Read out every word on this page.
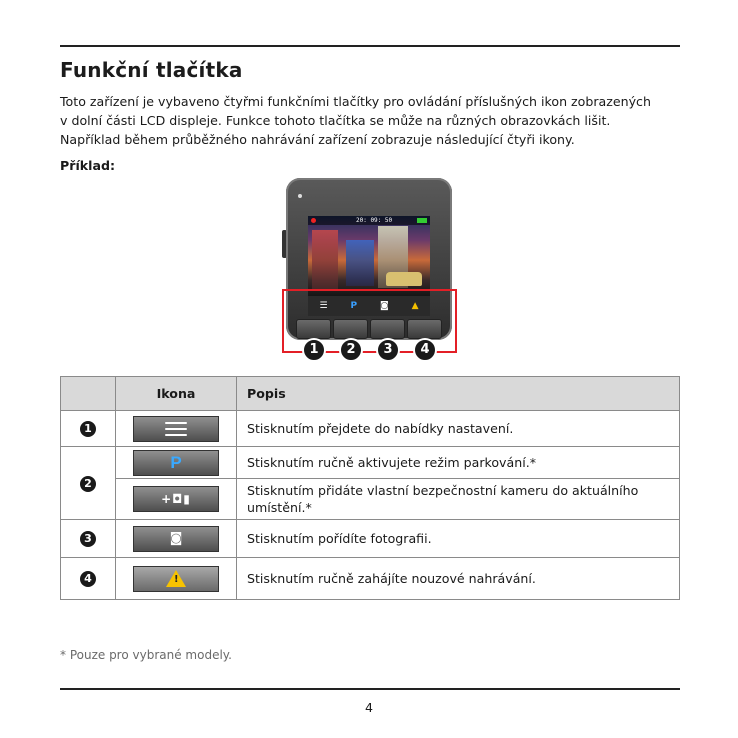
Funkční tlačítka
Toto zařízení je vybaveno čtyřmi funkčními tlačítky pro ovládání příslušných ikon zobrazených
v dolní části LCD displeje. Funkce tohoto tlačítka se může na různých obrazovkách lišit.
Například během průběžného nahrávání zařízení zobrazuje následující čtyři ikony.
Příklad:
20: 09: 50
☰	P	◙	▲
1	2	3	4
	Ikona	Popis
1		Stisknutím přejdete do nabídky nastavení.
2	P	Stisknutím ručně aktivujete režim parkování.*

	+◘▮	Stisknutím přidáte vlastní bezpečnostní kameru do aktuálního umístění.*
3	◙	Stisknutím pořídíte fotografii.
4	!	Stisknutím ručně zahájíte nouzové nahrávání.
* Pouze pro vybrané modely.
4
